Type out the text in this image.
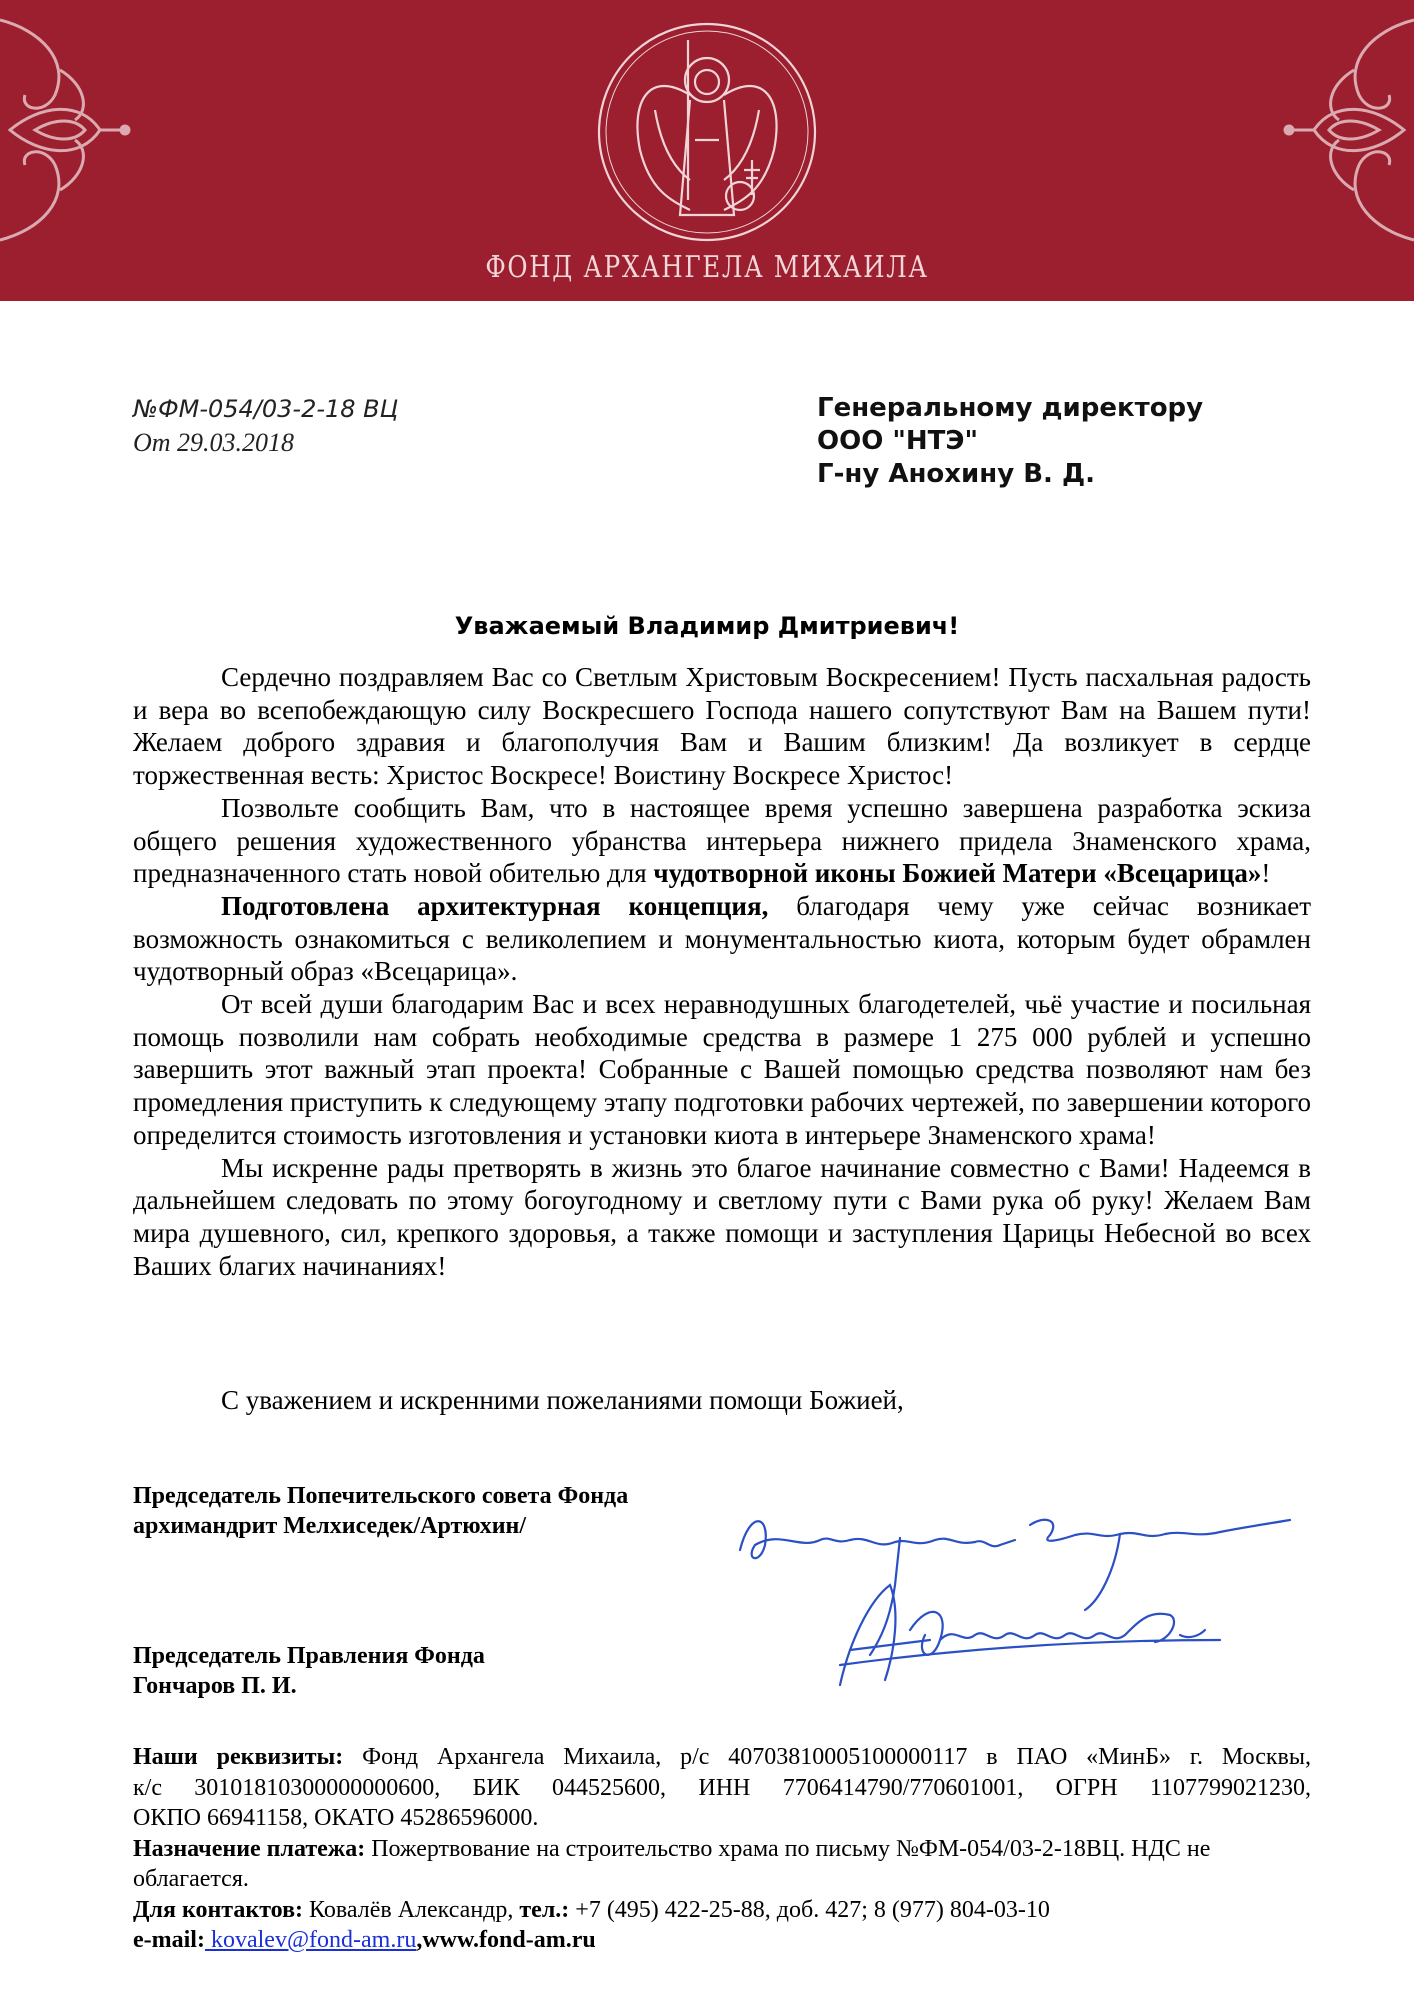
ФОНД АРХАНГЕЛА МИХАИЛА
№ФМ-054/03-2-18 ВЦ
От 29.03.2018
Генеральному директору
ООО "НТЭ"
Г-ну Анохину В. Д.
Уважаемый Владимир Дмитриевич!

Сердечно поздравляем Вас со Светлым Христовым Воскресением! Пусть пасхальная радость и вера во всепобеждающую силу Воскресшего Господа нашего сопутствуют Вам на Вашем пути! Желаем доброго здравия и благополучия Вам и Вашим близким! Да возликует в сердце торжественная весть: Христос Воскресе! Воистину Воскресе Христос!

Позвольте сообщить Вам, что в настоящее время успешно завершена разработка эскиза общего решения художественного убранства интерьера нижнего придела Знаменского храма, предназначенного стать новой обителью для чудотворной иконы Божией Матери «Всецарица»!

Подготовлена архитектурная концепция, благодаря чему уже сейчас возникает возможность ознакомиться с великолепием и монументальностью киота, которым будет обрамлен чудотворный образ «Всецарица».

От всей души благодарим Вас и всех неравнодушных благодетелей, чьё участие и посильная помощь позволили нам собрать необходимые средства в размере 1 275 000 рублей и успешно завершить этот важный этап проекта! Собранные с Вашей помощью средства позволяют нам без промедления приступить к следующему этапу подготовки рабочих чертежей, по завершении которого определится стоимость изготовления и установки киота в интерьере Знаменского храма!

Мы искренне рады претворять в жизнь это благое начинание совместно с Вами! Надеемся в дальнейшем следовать по этому богоугодному и светлому пути с Вами рука об руку! Желаем Вам мира душевного, сил, крепкого здоровья, а также помощи и заступления Царицы Небесной во всех Ваших благих начинаниях!

С уважением и искренними пожеланиями помощи Божией,
Председатель Попечительского совета Фонда
архимандрит Мелхиседек/Артюхин/
Председатель Правления Фонда
Гончаров П. И.
Наши реквизиты: Фонд Архангела Михаила, р/с 40703810005100000117 в ПАО «МинБ» г. Москвы,
к/с 30101810300000000600, БИК 044525600, ИНН 7706414790/770601001, ОГРН 1107799021230,
ОКПО 66941158, ОКАТО 45286596000.
Назначение платежа: Пожертвование на строительство храма по письму №ФМ-054/03-2-18ВЦ. НДС не облагается.
Для контактов: Ковалёв Александр, тел.: +7 (495) 422-25-88, доб. 427; 8 (977) 804-03-10
e-mail: kovalev@fond-am.ru,www.fond-am.ru
